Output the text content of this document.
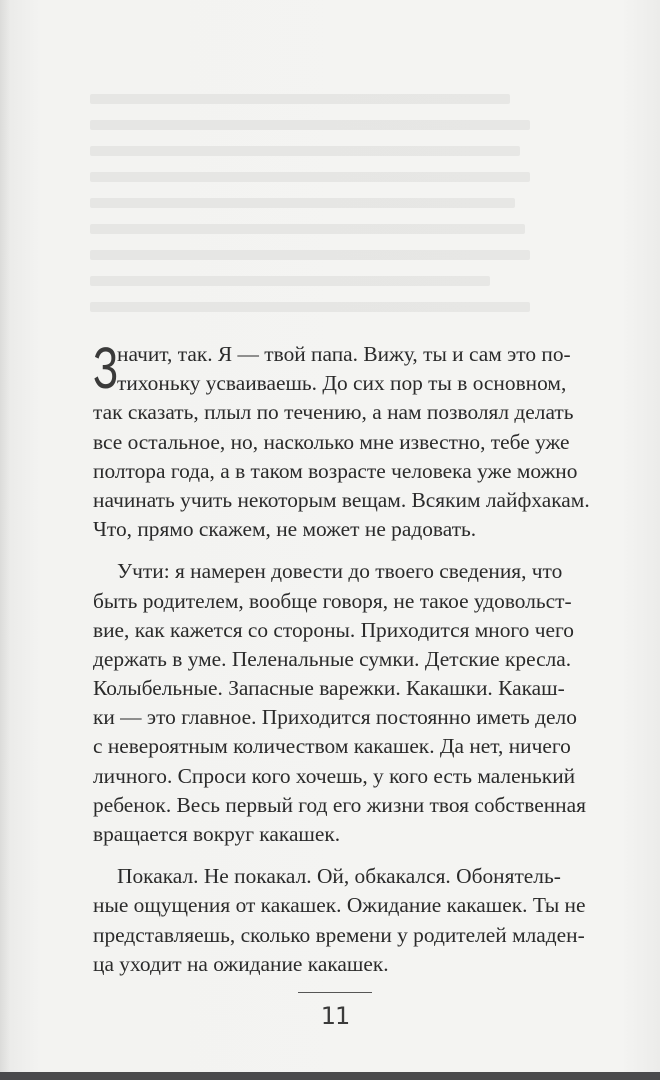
З
начит, так. Я — твой папа. Вижу, ты и сам это по-
тихоньку усваиваешь. До сих пор ты в основном,
так сказать, плыл по течению, а нам позволял делать
все остальное, но, насколько мне известно, тебе уже
полтора года, а в таком возрасте человека уже можно
начинать учить некоторым вещам. Всяким лайфхакам.
Что, прямо скажем, не может не радовать.
Учти: я намерен довести до твоего сведения, что
быть родителем, вообще говоря, не такое удовольст-
вие, как кажется со стороны. Приходится много чего
держать в уме. Пеленальные сумки. Детские кресла.
Колыбельные. Запасные варежки. Какашки. Какаш-
ки — это главное. Приходится постоянно иметь дело
с невероятным количеством какашек. Да нет, ничего
личного. Спроси кого хочешь, у кого есть маленький
ребенок. Весь первый год его жизни твоя собственная
вращается вокруг какашек.
Покакал. Не покакал. Ой, обкакался. Обонятель-
ные ощущения от какашек. Ожидание какашек. Ты не
представляешь, сколько времени у родителей младен-
ца уходит на ожидание какашек.
11
